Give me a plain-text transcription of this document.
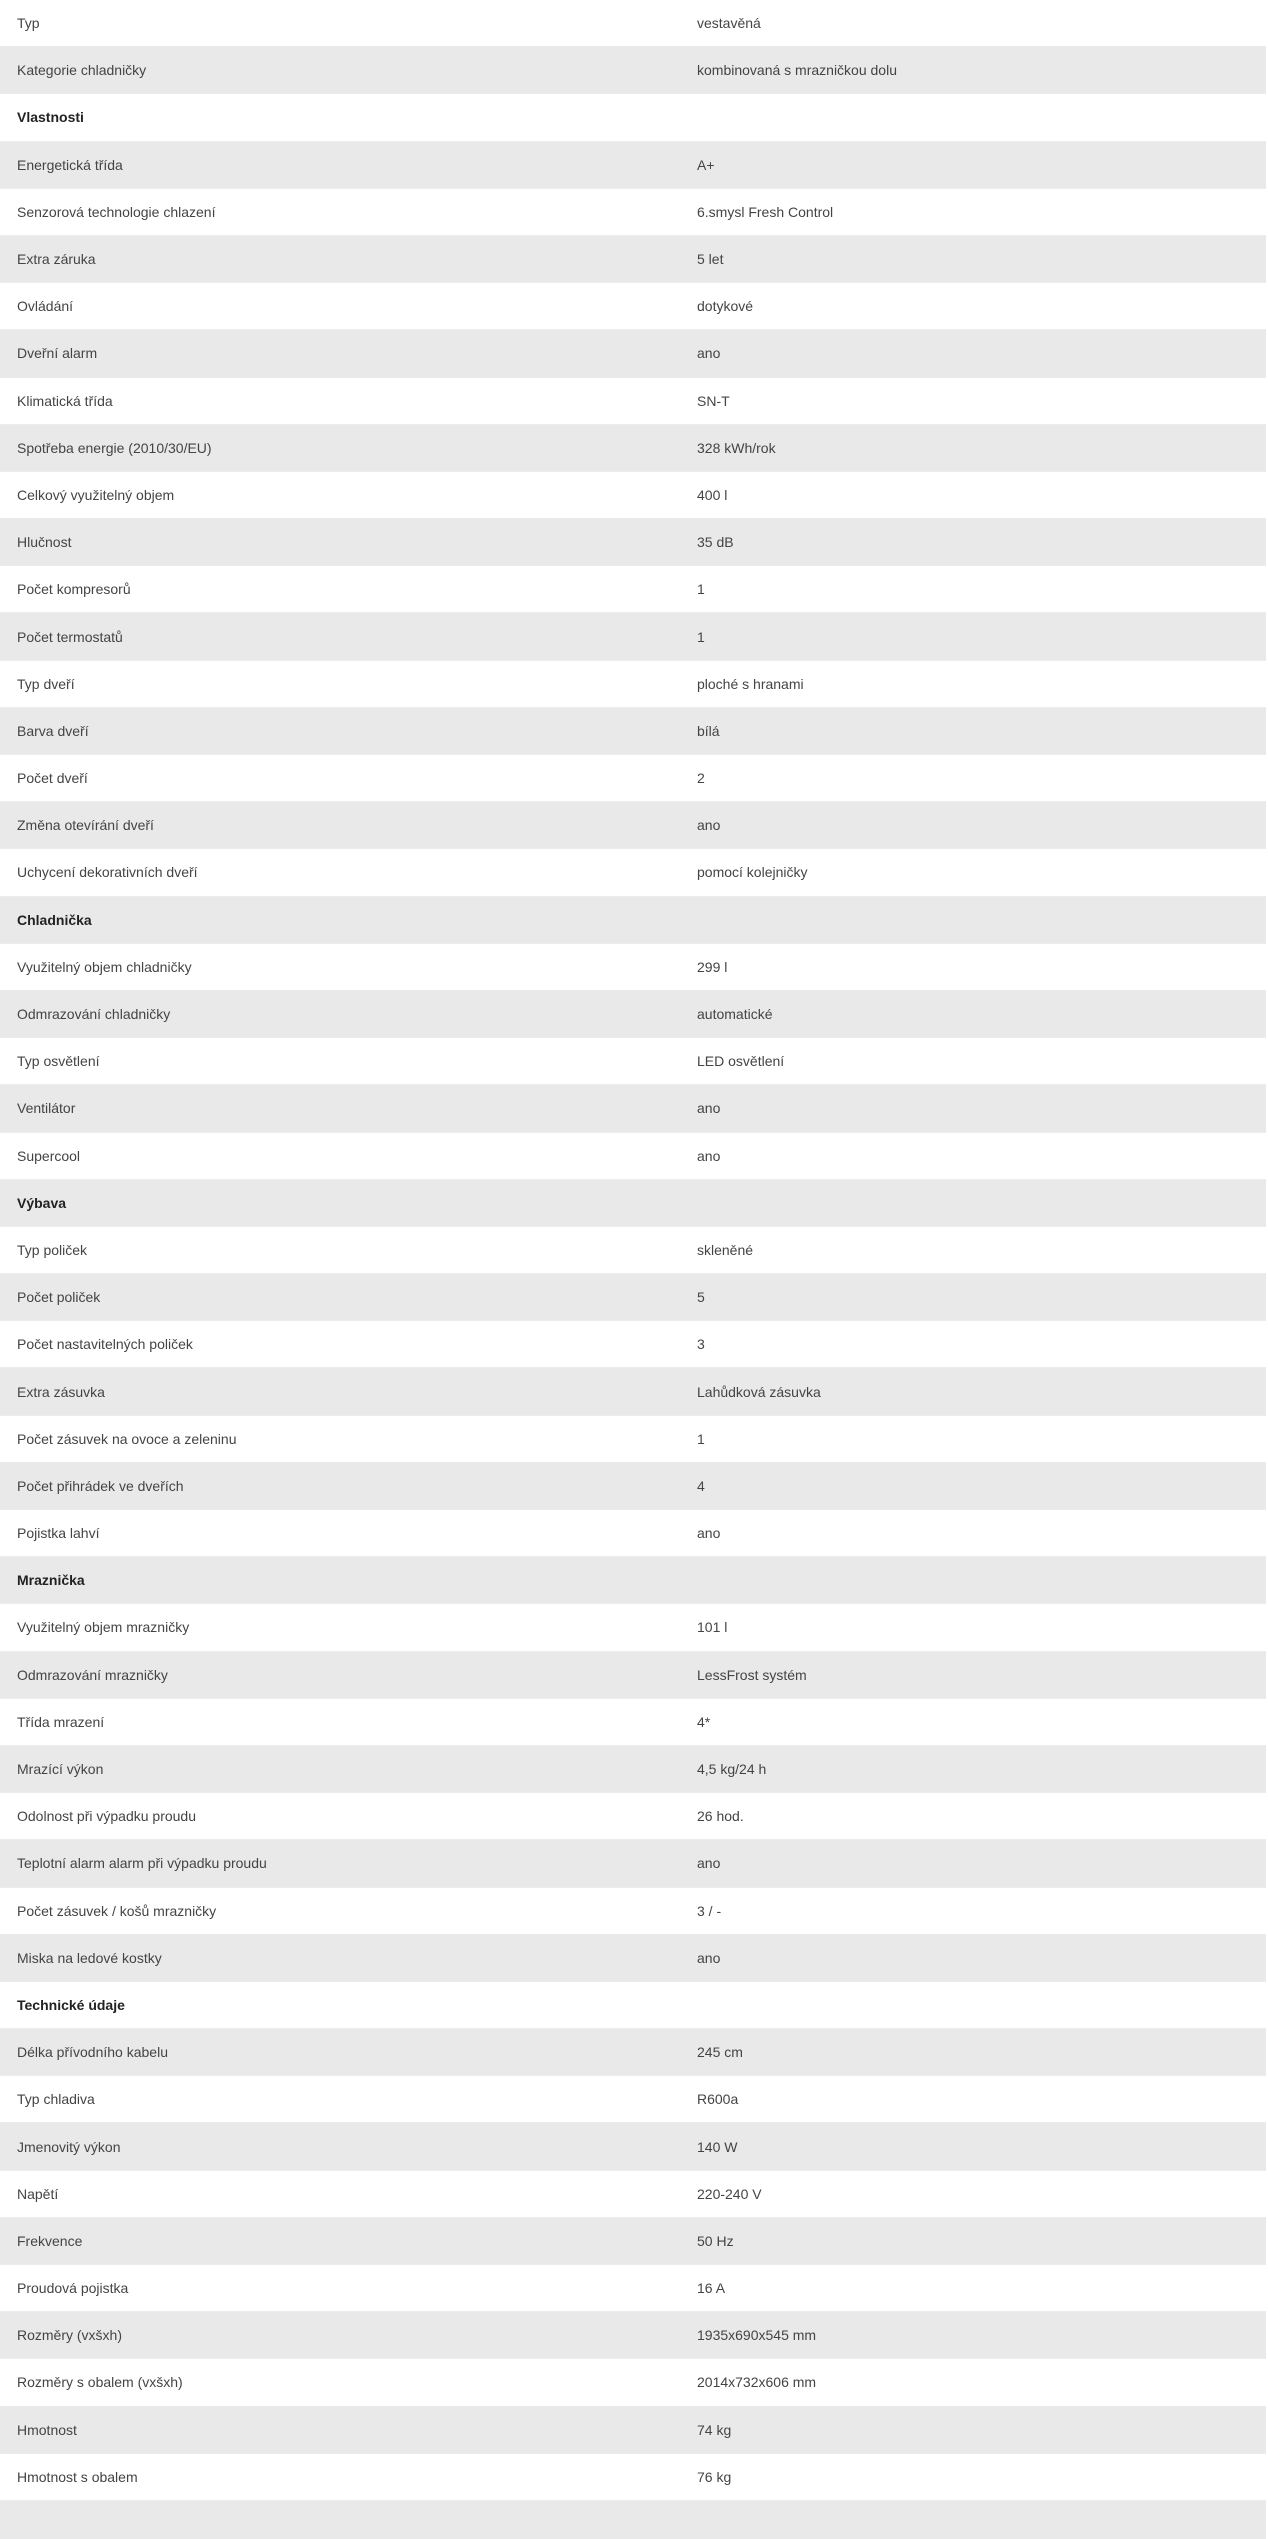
Typ	vestavěná
Kategorie chladničky	kombinovaná s mrazničkou dolu
Vlastnosti
Energetická třída	A+
Senzorová technologie chlazení	6.smysl Fresh Control
Extra záruka	5 let
Ovládání	dotykové
Dveřní alarm	ano
Klimatická třída	SN-T
Spotřeba energie (2010/30/EU)	328 kWh/rok
Celkový využitelný objem	400 l
Hlučnost	35 dB
Počet kompresorů	1
Počet termostatů	1
Typ dveří	ploché s hranami
Barva dveří	bílá
Počet dveří	2
Změna otevírání dveří	ano
Uchycení dekorativních dveří	pomocí kolejničky
Chladnička
Využitelný objem chladničky	299 l
Odmrazování chladničky	automatické
Typ osvětlení	LED osvětlení
Ventilátor	ano
Supercool	ano
Výbava
Typ poliček	skleněné
Počet poliček	5
Počet nastavitelných poliček	3
Extra zásuvka	Lahůdková zásuvka
Počet zásuvek na ovoce a zeleninu	1
Počet přihrádek ve dveřích	4
Pojistka lahví	ano
Mraznička
Využitelný objem mrazničky	101 l
Odmrazování mrazničky	LessFrost systém
Třída mrazení	4*
Mrazící výkon	4,5 kg/24 h
Odolnost při výpadku proudu	26 hod.
Teplotní alarm alarm při výpadku proudu	ano
Počet zásuvek / košů mrazničky	3 / -
Miska na ledové kostky	ano
Technické údaje
Délka přívodního kabelu	245 cm
Typ chladiva	R600a
Jmenovitý výkon	140 W
Napětí	220-240 V
Frekvence	50 Hz
Proudová pojistka	16 A
Rozměry (vxšxh)	1935x690x545 mm
Rozměry s obalem (vxšxh)	2014x732x606 mm
Hmotnost	74 kg
Hmotnost s obalem	76 kg
